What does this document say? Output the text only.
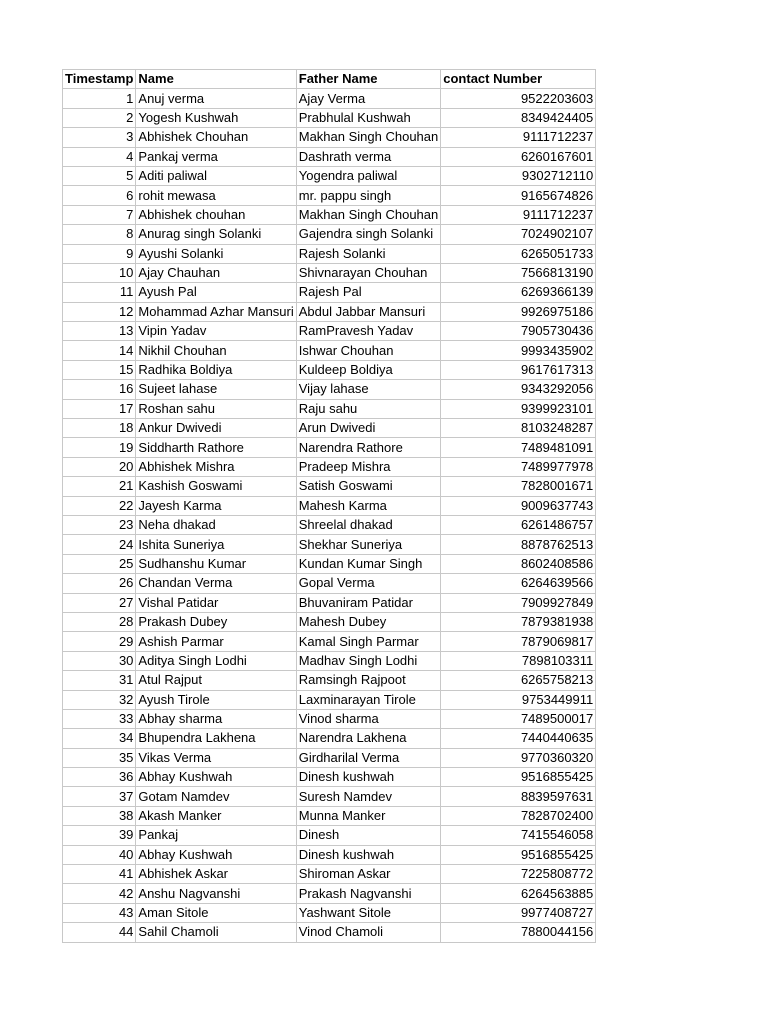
Timestamp	Name	Father Name	contact Number
1	Anuj verma	Ajay Verma	9522203603
2	Yogesh Kushwah	Prabhulal Kushwah	8349424405
3	Abhishek Chouhan	Makhan Singh Chouhan	9111712237
4	Pankaj verma	Dashrath verma	6260167601
5	Aditi paliwal	Yogendra paliwal	9302712110
6	rohit mewasa	mr. pappu singh	9165674826
7	Abhishek chouhan	Makhan Singh Chouhan	9111712237
8	Anurag singh Solanki	Gajendra singh Solanki	7024902107
9	Ayushi Solanki	Rajesh Solanki	6265051733
10	Ajay Chauhan	Shivnarayan Chouhan	7566813190
11	Ayush Pal	Rajesh Pal	6269366139
12	Mohammad Azhar Mansuri	Abdul Jabbar Mansuri	9926975186
13	Vipin Yadav	RamPravesh Yadav	7905730436
14	Nikhil Chouhan	Ishwar Chouhan	9993435902
15	Radhika Boldiya	Kuldeep Boldiya	9617617313
16	Sujeet lahase	Vijay lahase	9343292056
17	Roshan sahu	Raju sahu	9399923101
18	Ankur Dwivedi	Arun Dwivedi	8103248287
19	Siddharth Rathore	Narendra Rathore	7489481091
20	Abhishek Mishra	Pradeep Mishra	7489977978
21	Kashish Goswami	Satish Goswami	7828001671
22	Jayesh Karma	Mahesh Karma	9009637743
23	Neha dhakad	Shreelal dhakad	6261486757
24	Ishita Suneriya	Shekhar Suneriya	8878762513
25	Sudhanshu Kumar	Kundan Kumar Singh	8602408586
26	Chandan Verma	Gopal Verma	6264639566
27	Vishal Patidar	Bhuvaniram Patidar	7909927849
28	Prakash Dubey	Mahesh Dubey	7879381938
29	Ashish Parmar	Kamal Singh Parmar	7879069817
30	Aditya Singh Lodhi	Madhav Singh Lodhi	7898103311
31	Atul Rajput	Ramsingh Rajpoot	6265758213
32	Ayush Tirole	Laxminarayan Tirole	9753449911
33	Abhay sharma	Vinod sharma	7489500017
34	Bhupendra Lakhena	Narendra Lakhena	7440440635
35	Vikas Verma	Girdharilal Verma	9770360320
36	Abhay Kushwah	Dinesh kushwah	9516855425
37	Gotam Namdev	Suresh Namdev	8839597631
38	Akash Manker	Munna Manker	7828702400
39	Pankaj	Dinesh	7415546058
40	Abhay Kushwah	Dinesh kushwah	9516855425
41	Abhishek Askar	Shiroman Askar	7225808772
42	Anshu Nagvanshi	Prakash Nagvanshi	6264563885
43	Aman Sitole	Yashwant Sitole	9977408727
44	Sahil Chamoli	Vinod Chamoli	7880044156
